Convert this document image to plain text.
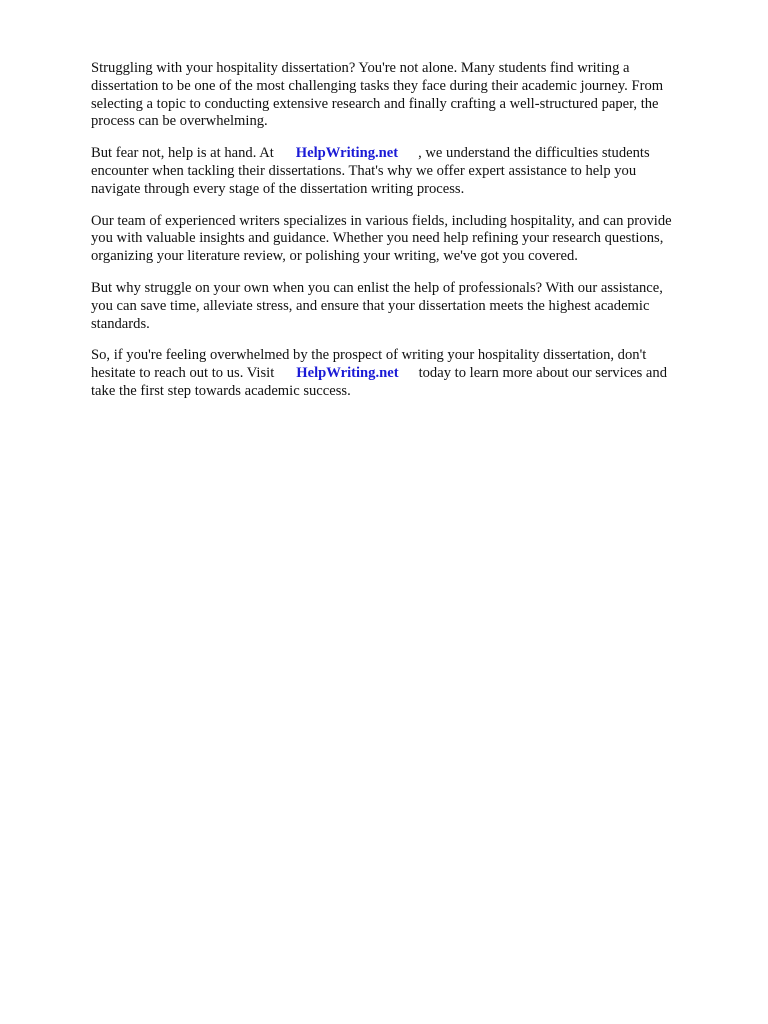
Struggling with your hospitality dissertation? You're not alone. Many students find writing a
dissertation to be one of the most challenging tasks they face during their academic journey. From
selecting a topic to conducting extensive research and finally crafting a well-structured paper, the
process can be overwhelming.

But fear not, help is at hand. At HelpWriting.net , we understand the difficulties students
encounter when tackling their dissertations. That's why we offer expert assistance to help you
navigate through every stage of the dissertation writing process.

Our team of experienced writers specializes in various fields, including hospitality, and can provide
you with valuable insights and guidance. Whether you need help refining your research questions,
organizing your literature review, or polishing your writing, we've got you covered.

But why struggle on your own when you can enlist the help of professionals? With our assistance,
you can save time, alleviate stress, and ensure that your dissertation meets the highest academic
standards.

So, if you're feeling overwhelmed by the prospect of writing your hospitality dissertation, don't
hesitate to reach out to us. Visit HelpWriting.net today to learn more about our services and
take the first step towards academic success.
